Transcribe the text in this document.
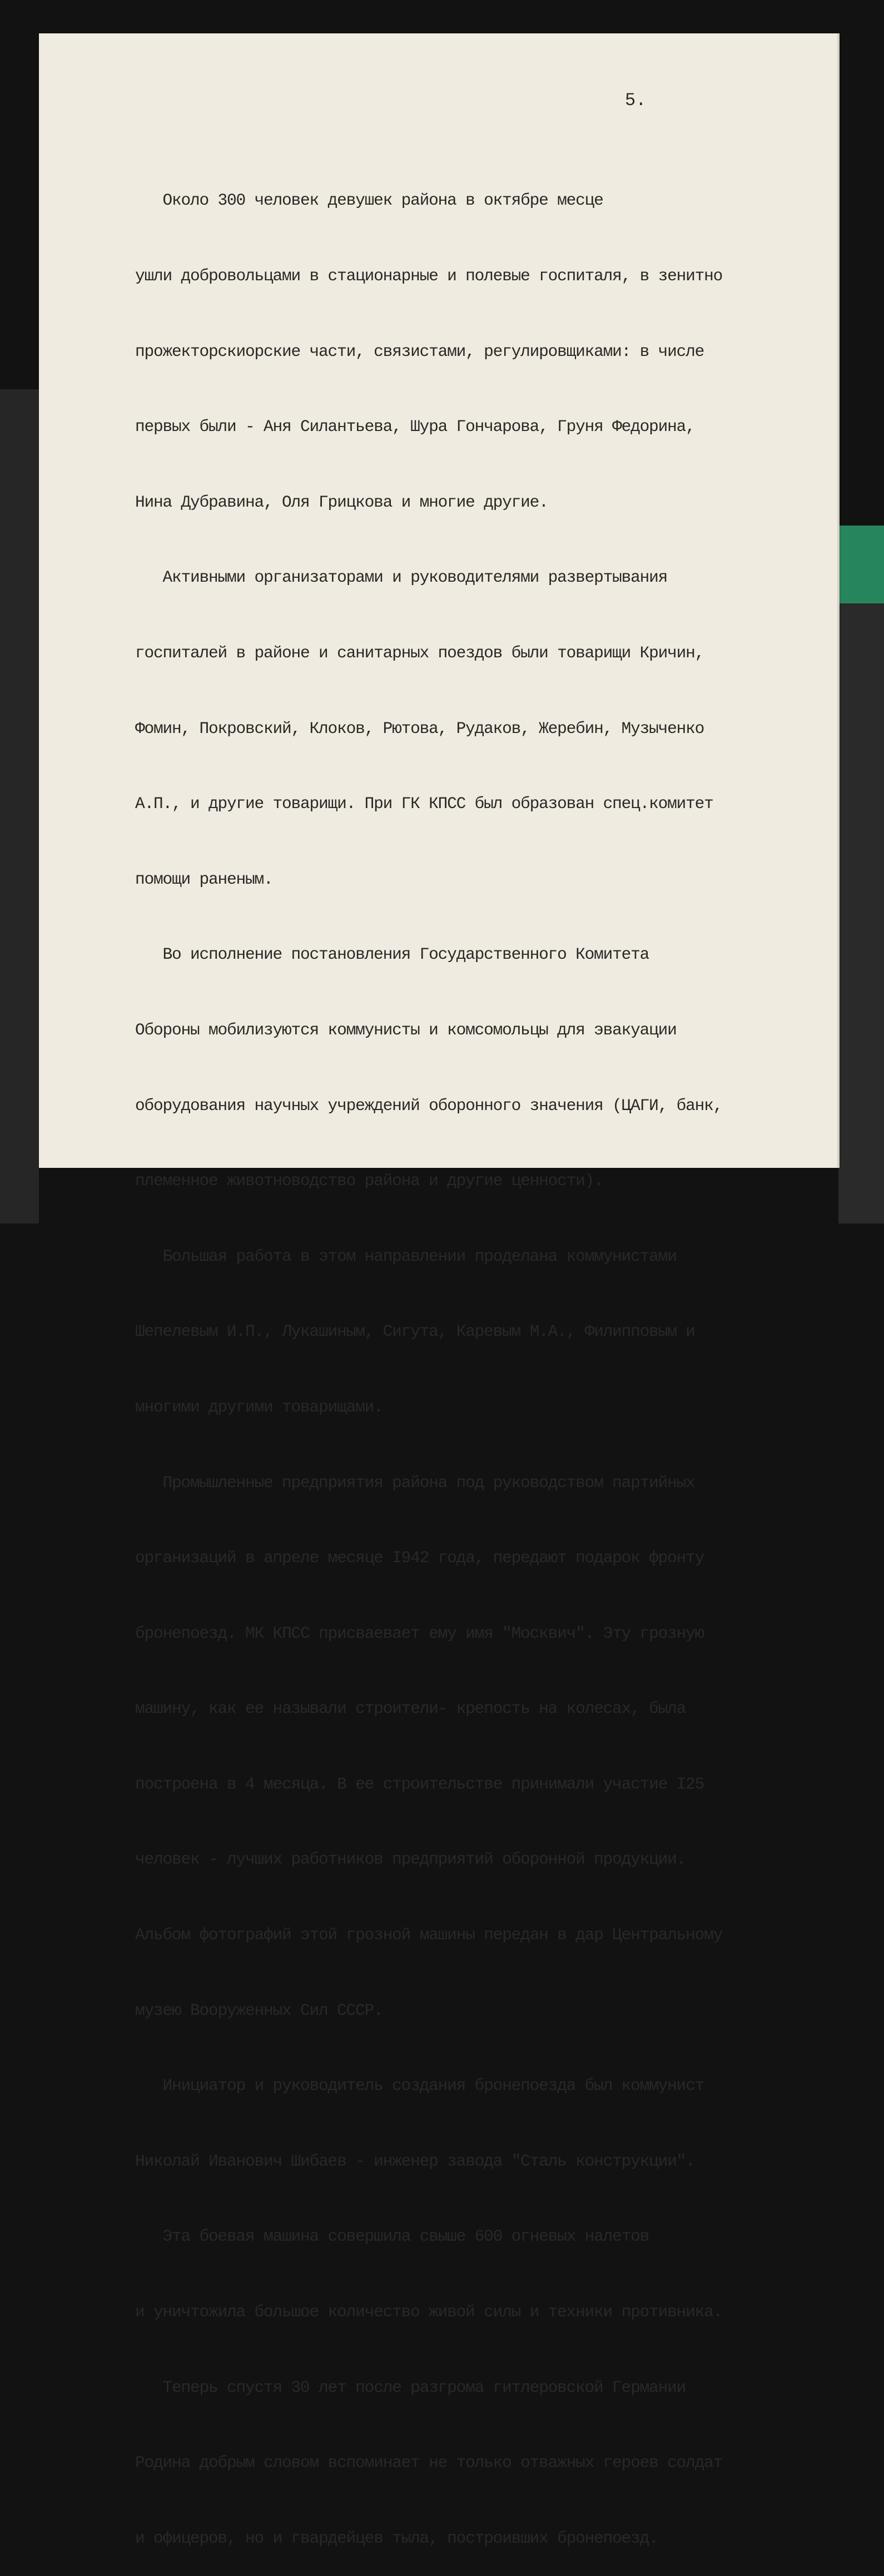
5.

Около 300 человек девушек района в октябре месце

ушли добровольцами в стационарные и полевые госпиталя, в зенитно

прожекторскиорские части, связистами, регулировщиками: в числе

первых были - Аня Силантьева, Шура Гончарова, Груня Федорина,

Нина Дубравина, Оля Грицкова и многие другие.

Активными организаторами и руководителями развертывания

госпиталей в районе и санитарных поездов были товарищи Кричин,

Фомин, Покровский, Клоков, Рютова, Рудаков, Жеребин, Музыченко

А.П., и другие товарищи. При ГК КПСС был образован спец.комитет

помощи раненым.

Во исполнение постановления Государственного Комитета

Обороны мобилизуются коммунисты и комсомольцы для эвакуации

оборудования научных учреждений оборонного значения (ЦАГИ, банк,

племенное животноводство района и другие ценности).

Большая работа в этом направлении проделана коммунистами

Шепелевым И.П., Лукашиным, Сигута, Каревым М.А., Филипповым и

многими другими товарищами.

Промышленные предприятия района под руководством партийных

организаций в апреле месяце I942 года, передают подарок фронту

бронепоезд. МК КПСС присваевает ему имя "Москвич". Эту грозную

машину, как ее называли строители- крепость на колесах, была

построена в 4 месяца. В ее строительстве принимали участие I25

человек - лучших работников предприятий оборонной продукции.

Альбом фотографий этой грозной машины передан в дар Центральному

музею Вооруженных Сил СССР.

Инициатор и руководитель создания бронепоезда был коммунист

Николай Иванович Шибаев - инженер завода "Сталь конструкции".

Эта боевая машина совершила свыше 600 огневых налетов

и уничтожила большое количество живой силы и техники противника.

Теперь спустя 30 лет после разгрома гитлеровской Германии

Родина добрым словом вспоминает не только отважных героев солдат

и офицеров, но и гвардейцев тыла, построивших бронепоезд.
